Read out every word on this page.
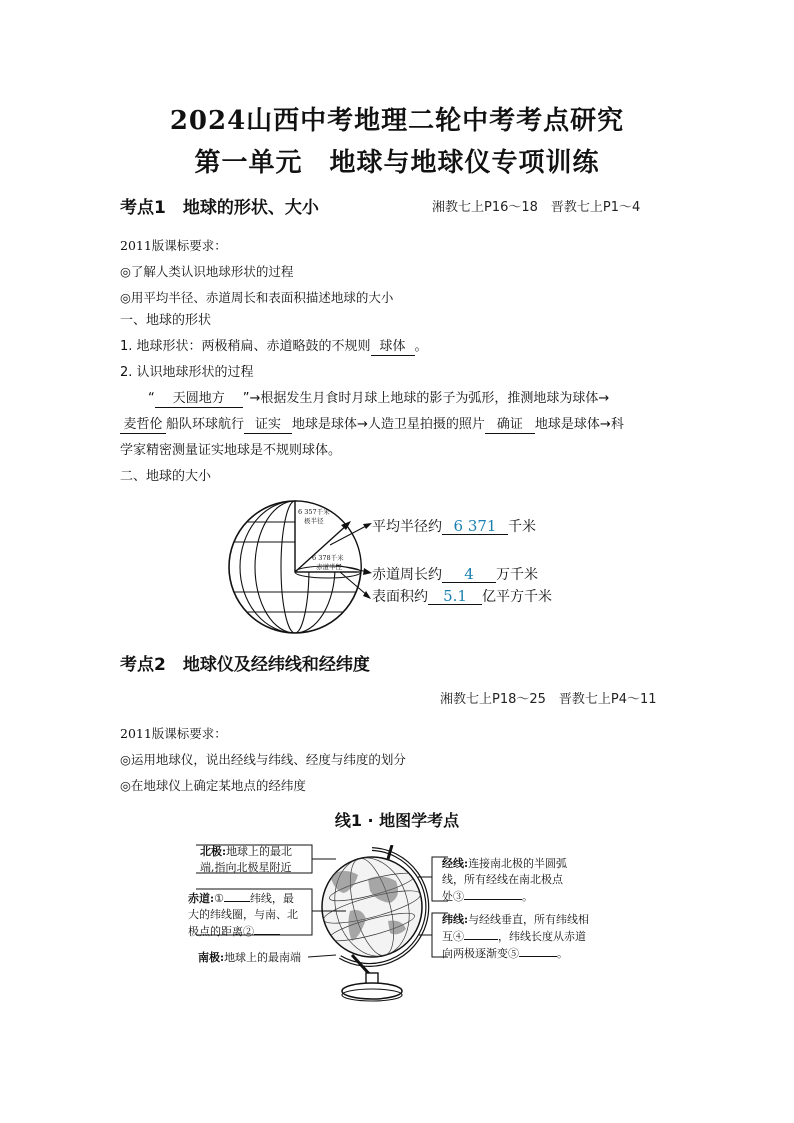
2024山西中考地理二轮中考考点研究
第一单元　地球与地球仪专项训练
考点1　地球的形状、大小	湘教七上P16～18　晋教七上P1～4
2011版课标要求：
◎了解人类认识地球形状的过程
◎用平均半径、赤道周长和表面积描述地球的大小
一、地球的形状
1. 地球形状：两极稍扁、赤道略鼓的不规则 球体 。
2. 认识地球形状的过程
“ 天圆地方 ”→根据发生月食时月球上地球的影子为弧形，推测地球为球体→
麦哲伦 船队环球航行 证实 地球是球体→人造卫星拍摄的照片 确证 地球是球体→科
学家精密测量证实地球是不规则球体。
二、地球的大小
6 357千米
极半径
6 378千米
赤道半径
平均半径约 6 371 千米
赤道周长约 4 万千米
表面积约 5.1 亿平方千米
考点2　地球仪及经纬线和经纬度
湘教七上P18～25　晋教七上P4～11
2011版课标要求：
◎运用地球仪，说出经线与纬线、经度与纬度的划分
◎在地球仪上确定某地点的经纬度
线1 · 地图学考点
北极:地球上的最北
端,指向北极星附近
赤道:① 纬线，最
大的纬线圈，与南、北
极点的距离②
南极:地球上的最南端
经线:连接南北极的半圆弧
线，所有经线在南北极点
处③	。
纬线:与经线垂直，所有纬线相
互④	，纬线长度从赤道
向两极逐渐变⑤	。
